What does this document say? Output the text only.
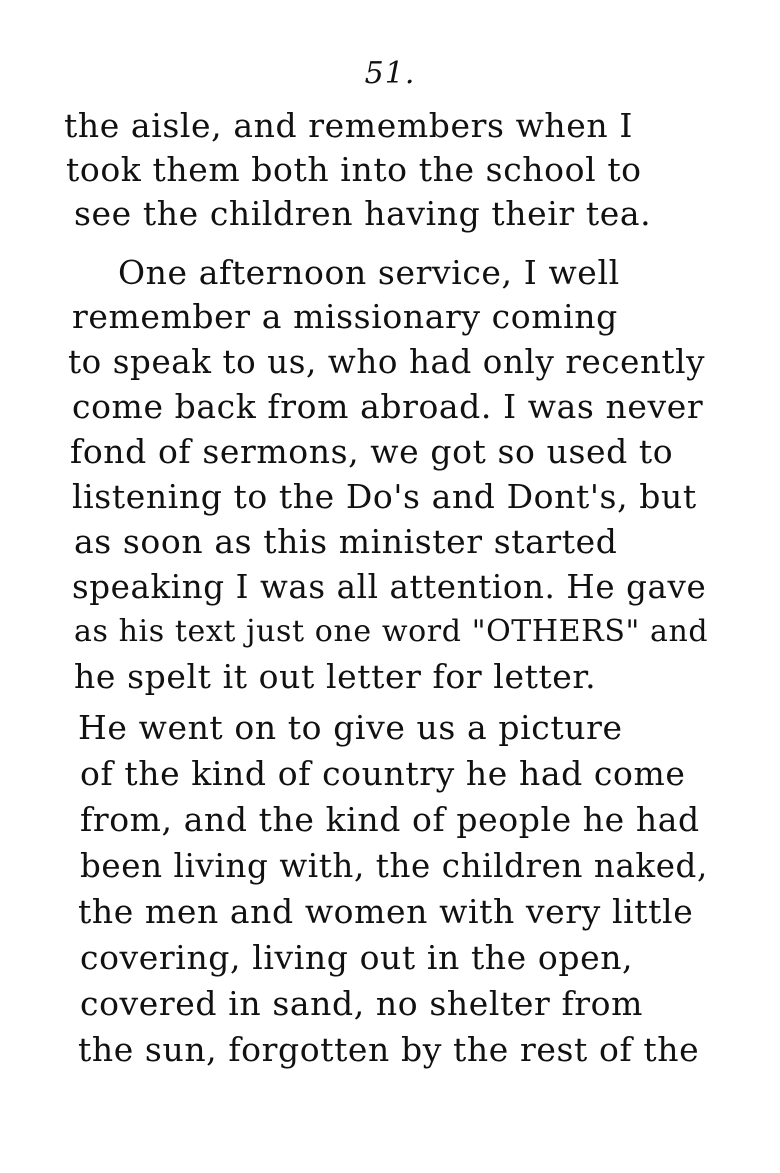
51.
the aisle, and remembers when I
took them both into the school to
see the children having their tea.
One afternoon service, I well
remember a missionary coming
to speak to us, who had only recently
come back from abroad. I was never
fond of sermons, we got so used to
listening to the Do's and Dont's, but
as soon as this minister started
speaking I was all attention. He gave
as his text just one word "OTHERS" and
he spelt it out letter for letter.
He went on to give us a picture
of the kind of country he had come
from, and the kind of people he had
been living with, the children naked,
the men and women with very little
covering, living out in the open,
covered in sand, no shelter from
the sun, forgotten by the rest of the
